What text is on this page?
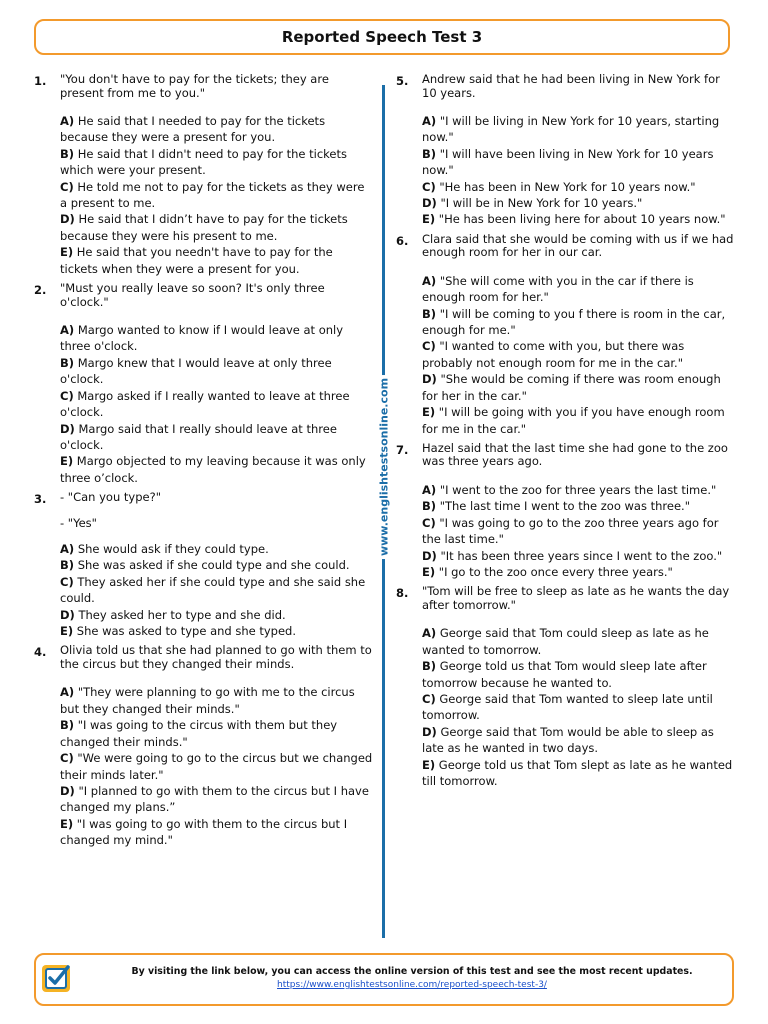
Reported Speech Test 3
1.	"You don't have to pay for the tickets; they are present from me to you."
A) He said that I needed to pay for the tickets because they were a present for you.
B) He said that I didn't need to pay for the tickets which were your present.
C) He told me not to pay for the tickets as they were a present to me.
D) He said that I didn’t have to pay for the tickets because they were his present to me.
E) He said that you needn't have to pay for the tickets when they were a present for you.
2.	"Must you really leave so soon? It's only three o'clock."
A) Margo wanted to know if I would leave at only three o'clock.
B) Margo knew that I would leave at only three o'clock.
C) Margo asked if I really wanted to leave at three o'clock.
D) Margo said that I really should leave at three o'clock.
E) Margo objected to my leaving because it was only three o’clock.
3.	- "Can you type?"
- "Yes"
A) She would ask if they could type.
B) She was asked if she could type and she could.
C) They asked her if she could type and she said she could.
D) They asked her to type and she did.
E) She was asked to type and she typed.
4.	Olivia told us that she had planned to go with them to the circus but they changed their minds.
A) "They were planning to go with me to the circus but they changed their minds."
B) "I was going to the circus with them but they changed their minds."
C) "We were going to go to the circus but we changed their minds later."
D) "I planned to go with them to the circus but I have changed my plans.”
E) "I was going to go with them to the circus but I changed my mind."
www.englishtestsonline.com
5.	Andrew said that he had been living in New York for 10 years.
A) "I will be living in New York for 10 years, starting now."
B) "I will have been living in New York for 10 years now."
C) "He has been in New York for 10 years now."
D) "I will be in New York for 10 years."
E) "He has been living here for about 10 years now."
6.	Clara said that she would be coming with us if we had enough room for her in our car.
A) "She will come with you in the car if there is enough room for her."
B) "I will be coming to you f there is room in the car, enough for me."
C) "I wanted to come with you, but there was probably not enough room for me in the car."
D) "She would be coming if there was room enough for her in the car."
E) "I will be going with you if you have enough room for me in the car."
7.	Hazel said that the last time she had gone to the zoo was three years ago.
A) "I went to the zoo for three years the last time."
B) "The last time I went to the zoo was three."
C) "I was going to go to the zoo three years ago for the last time."
D) "It has been three years since I went to the zoo."
E) "I go to the zoo once every three years."
8.	"Tom will be free to sleep as late as he wants the day after tomorrow."
A) George said that Tom could sleep as late as he wanted to tomorrow.
B) George told us that Tom would sleep late after tomorrow because he wanted to.
C) George said that Tom wanted to sleep late until tomorrow.
D) George said that Tom would be able to sleep as late as he wanted in two days.
E) George told us that Tom slept as late as he wanted till tomorrow.
By visiting the link below, you can access the online version of this test and see the most recent updates.
https://www.englishtestsonline.com/reported-speech-test-3/
